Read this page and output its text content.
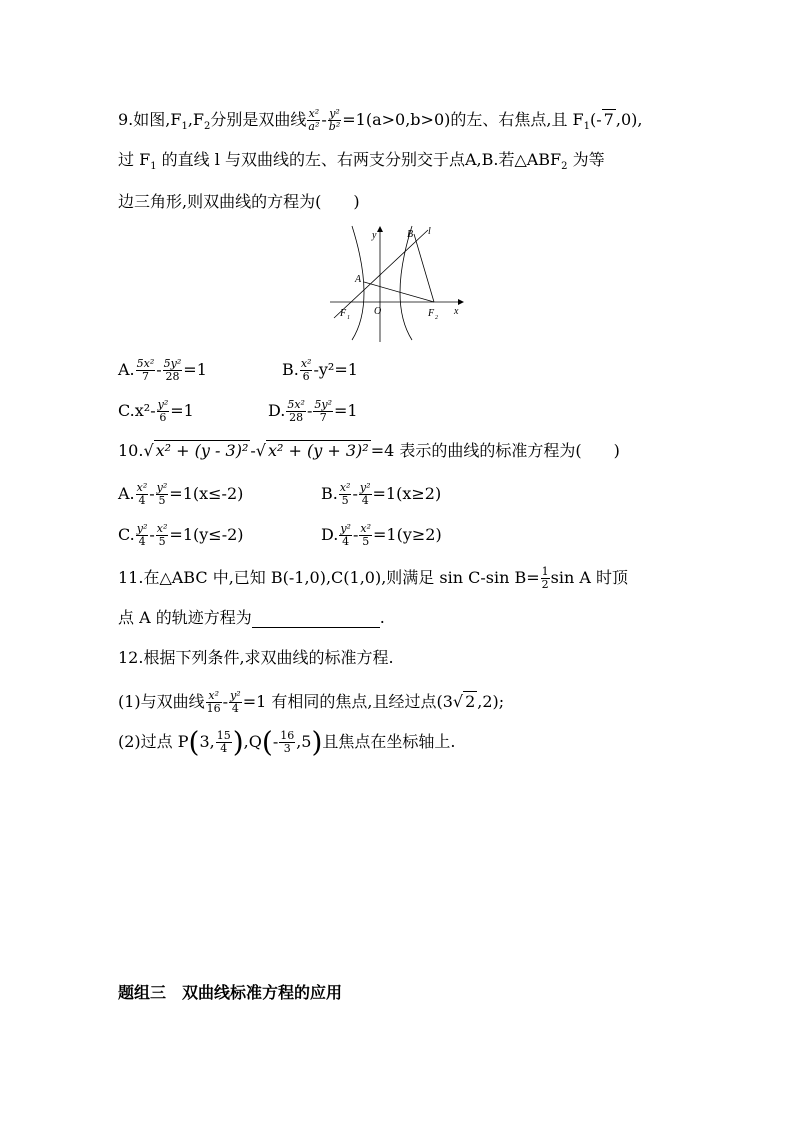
9.如图$,F_1,F_2$分别是双曲线 $\frac{\text{x²}}{\text{a²}} - \frac{\text{y²}}{\text{b²}} =1(a>0,b>0)$的左、右焦点,且 $F_1(-$ 7 ,0),
过 $F_1$ 的直线 l 与双曲线的左、右两支分别交于点A,B.若$\triangle ABF_2$ 为等
边三角形,则双曲线的方程为(　　)
y
x
O
A
B l
F 1	F 2
A. $\frac{\text{5x²}}{7} - \frac{\text{5y²}}{28} =1$	B. $\frac{\text{x²}}{6} -y^2=1$
$C.x^2- \frac{\text{y²}}{6} =1$	D. $\frac{\text{5x²}}{28} - \frac{\text{5y²}}{7} =1$
10.√ x² + (y - 3)² -√ x² + (y + 3)² =4 表示的曲线的标准方程为(　　)
A. $\frac{\text{x²}}{4} - \frac{\text{y²}}{5} =1(x\le-2)$	B. $\frac{\text{x²}}{5} - \frac{\text{y²}}{4} =1(x\ge 2)$
C. $\frac{\text{y²}}{4} - \frac{\text{x²}}{5} =1(y\le-2)$	D. $\frac{\text{y²}}{4} - \frac{\text{x²}}{5} =1(y\ge 2)$
11.在△ABC 中,已知 B(-1,0),C(1,0),则满足 sin C-sin $B= \frac{1}{2}$ sin A 时顶
点 A 的轨迹方程为	.
12.根据下列条件,求双曲线的标准方程.
(1)与双曲线 $\frac{\text{x²}}{16} - \frac{\text{y²}}{4} =1$ 有相同的焦点,且经过点(3√ 2 ,2);
(2)过点 P(3, $\frac{15}{4} ),Q(- \frac{16}{3} ,5)$且焦点在坐标轴上.
题组三　双曲线标准方程的应用
